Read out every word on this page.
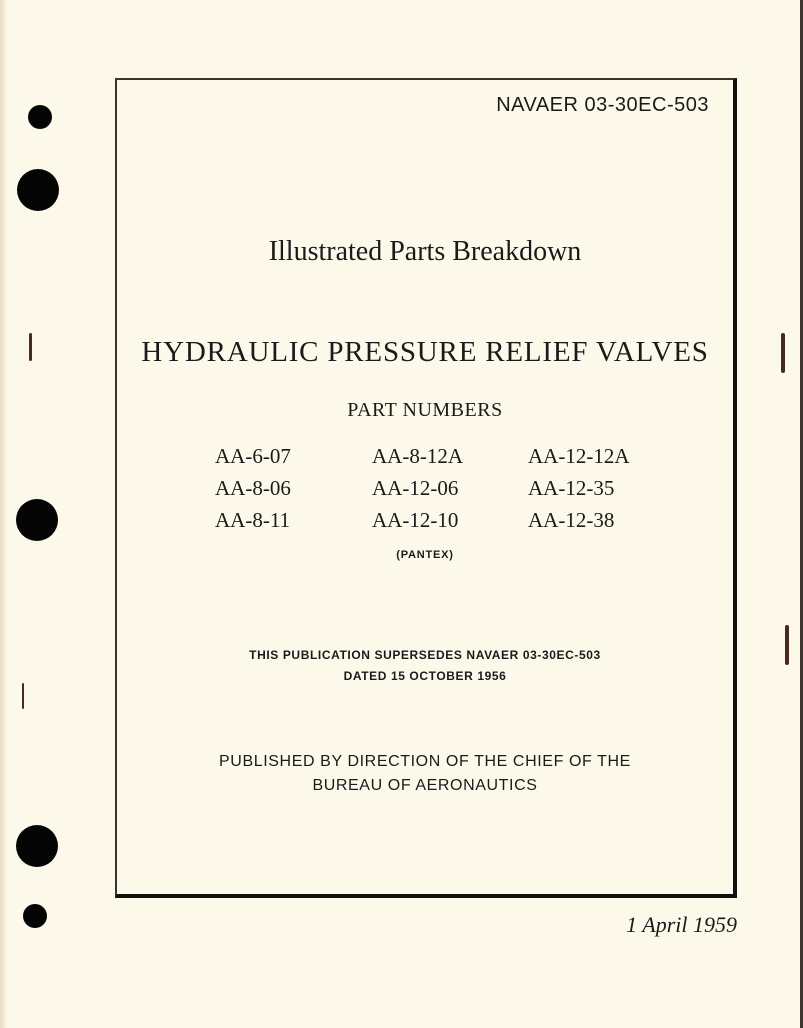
NAVAER 03-30EC-503
Illustrated Parts Breakdown
HYDRAULIC PRESSURE RELIEF VALVES
PART NUMBERS
AA-6-07
AA-8-06
AA-8-11
AA-8-12A
AA-12-06
AA-12-10
AA-12-12A
AA-12-35
AA-12-38
(PANTEX)
THIS PUBLICATION SUPERSEDES NAVAER 03-30EC-503
DATED 15 OCTOBER 1956
PUBLISHED BY DIRECTION OF THE CHIEF OF THE
BUREAU OF AERONAUTICS
1 April 1959
